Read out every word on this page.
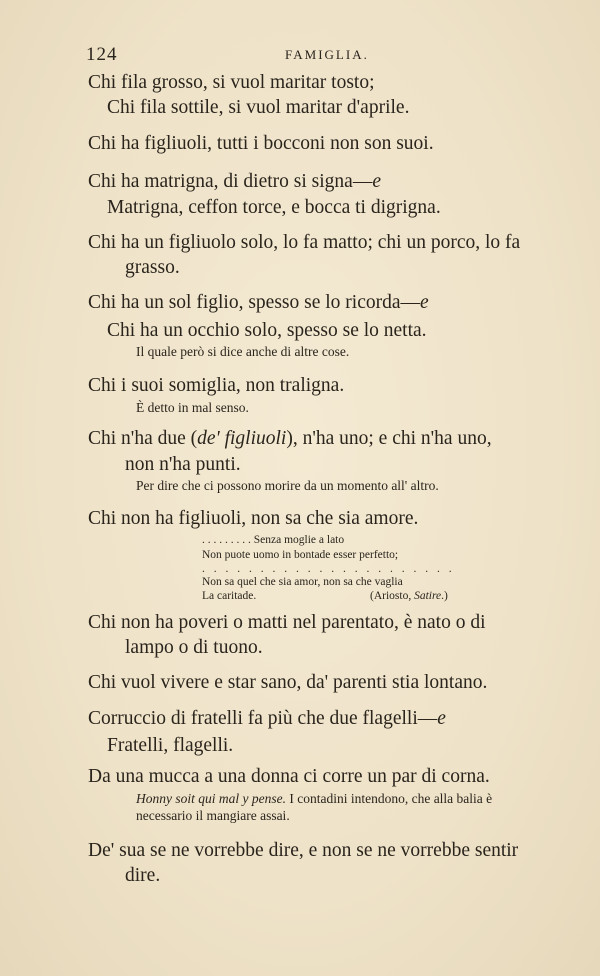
124	FAMIGLIA.
Chi fila grosso, si vuol maritar tosto;
Chi fila sottile, si vuol maritar d'aprile.
Chi ha figliuoli, tutti i bocconi non son suoi.
Chi ha matrigna, di dietro si signa—e
Matrigna, ceffon torce, e bocca ti digrigna.
Chi ha un figliuolo solo, lo fa matto; chi un porco, lo fa
grasso.
Chi ha un sol figlio, spesso se lo ricorda—e
Chi ha un occhio solo, spesso se lo netta.
Il quale però si dice anche di altre cose.
Chi i suoi somiglia, non traligna.
È detto in mal senso.
Chi n'ha due (de' figliuoli), n'ha uno; e chi n'ha uno,
non n'ha punti.
Per dire che ci possono morire da un momento all' altro.
Chi non ha figliuoli, non sa che sia amore.
. . . . . . . . . Senza moglie a lato
Non puote uomo in bontade esser perfetto;
. . . . . . . . . . . . . . . . . . . . . .
Non sa quel che sia amor, non sa che vaglia
La caritade.	(Ariosto, Satire.)
Chi non ha poveri o matti nel parentato, è nato o di
lampo o di tuono.
Chi vuol vivere e star sano, da' parenti stia lontano.
Corruccio di fratelli fa più che due flagelli—e
Fratelli, flagelli.
Da una mucca a una donna ci corre un par di corna.
Honny soit qui mal y pense. I contadini intendono, che alla balia è
necessario il mangiare assai.
De' sua se ne vorrebbe dire, e non se ne vorrebbe sentir
dire.
